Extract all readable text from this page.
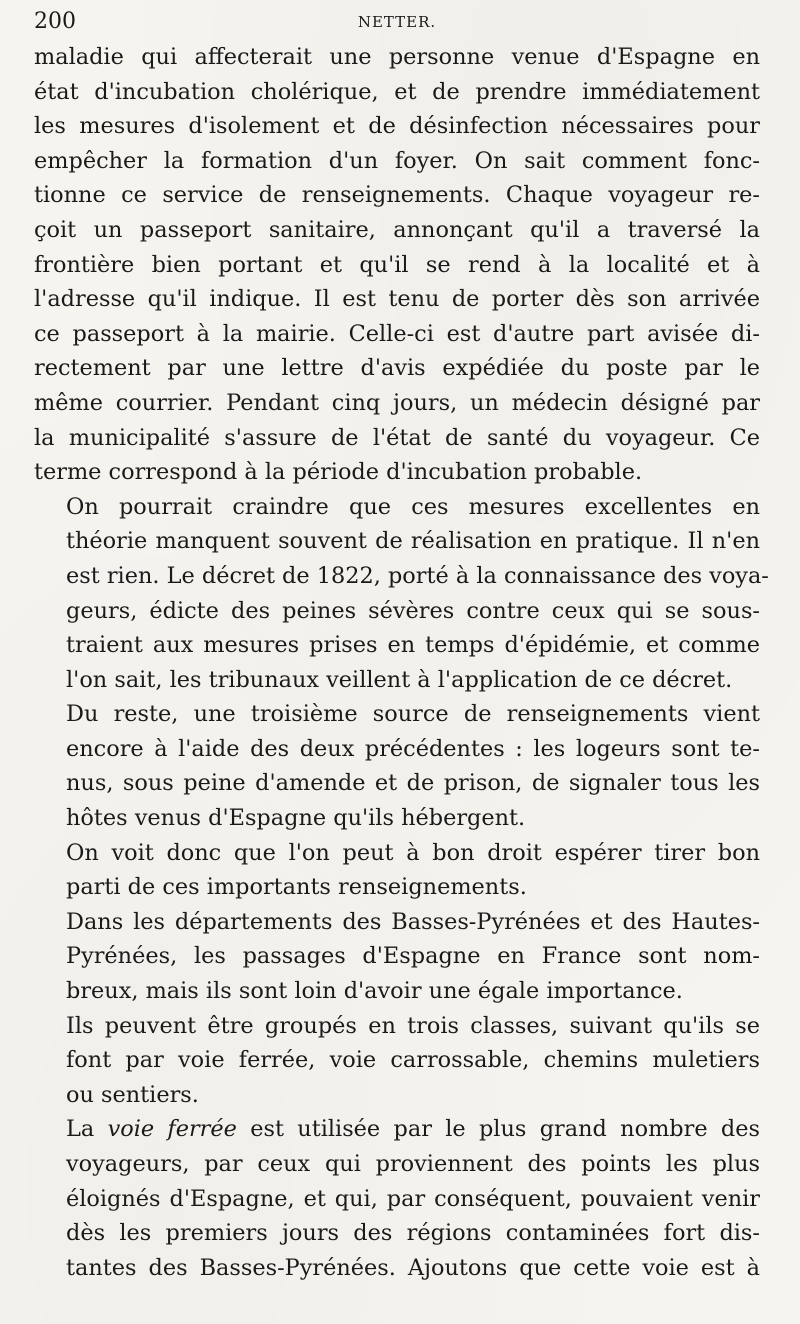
200	NETTER.

maladie qui affecterait une personne venue d'Espagne en
état d'incubation cholérique, et de prendre immédiatement
les mesures d'isolement et de désinfection nécessaires pour
empêcher la formation d'un foyer. On sait comment fonc-
tionne ce service de renseignements. Chaque voyageur re-
çoit un passeport sanitaire, annonçant qu'il a traversé la
frontière bien portant et qu'il se rend à la localité et à
l'adresse qu'il indique. Il est tenu de porter dès son arrivée
ce passeport à la mairie. Celle-ci est d'autre part avisée di-
rectement par une lettre d'avis expédiée du poste par le
même courrier. Pendant cinq jours, un médecin désigné par
la municipalité s'assure de l'état de santé du voyageur. Ce
terme correspond à la période d'incubation probable.

On pourrait craindre que ces mesures excellentes en
théorie manquent souvent de réalisation en pratique. Il n'en
est rien. Le décret de 1822, porté à la connaissance des voya-
geurs, édicte des peines sévères contre ceux qui se sous-
traient aux mesures prises en temps d'épidémie, et comme
l'on sait, les tribunaux veillent à l'application de ce décret.

Du reste, une troisième source de renseignements vient
encore à l'aide des deux précédentes : les logeurs sont te-
nus, sous peine d'amende et de prison, de signaler tous les
hôtes venus d'Espagne qu'ils hébergent.

On voit donc que l'on peut à bon droit espérer tirer bon
parti de ces importants renseignements.

Dans les départements des Basses-Pyrénées et des Hautes-
Pyrénées, les passages d'Espagne en France sont nom-
breux, mais ils sont loin d'avoir une égale importance.

Ils peuvent être groupés en trois classes, suivant qu'ils se
font par voie ferrée, voie carrossable, chemins muletiers
ou sentiers.

La voie ferrée est utilisée par le plus grand nombre des
voyageurs, par ceux qui proviennent des points les plus
éloignés d'Espagne, et qui, par conséquent, pouvaient venir
dès les premiers jours des régions contaminées fort dis-
tantes des Basses-Pyrénées. Ajoutons que cette voie est à
